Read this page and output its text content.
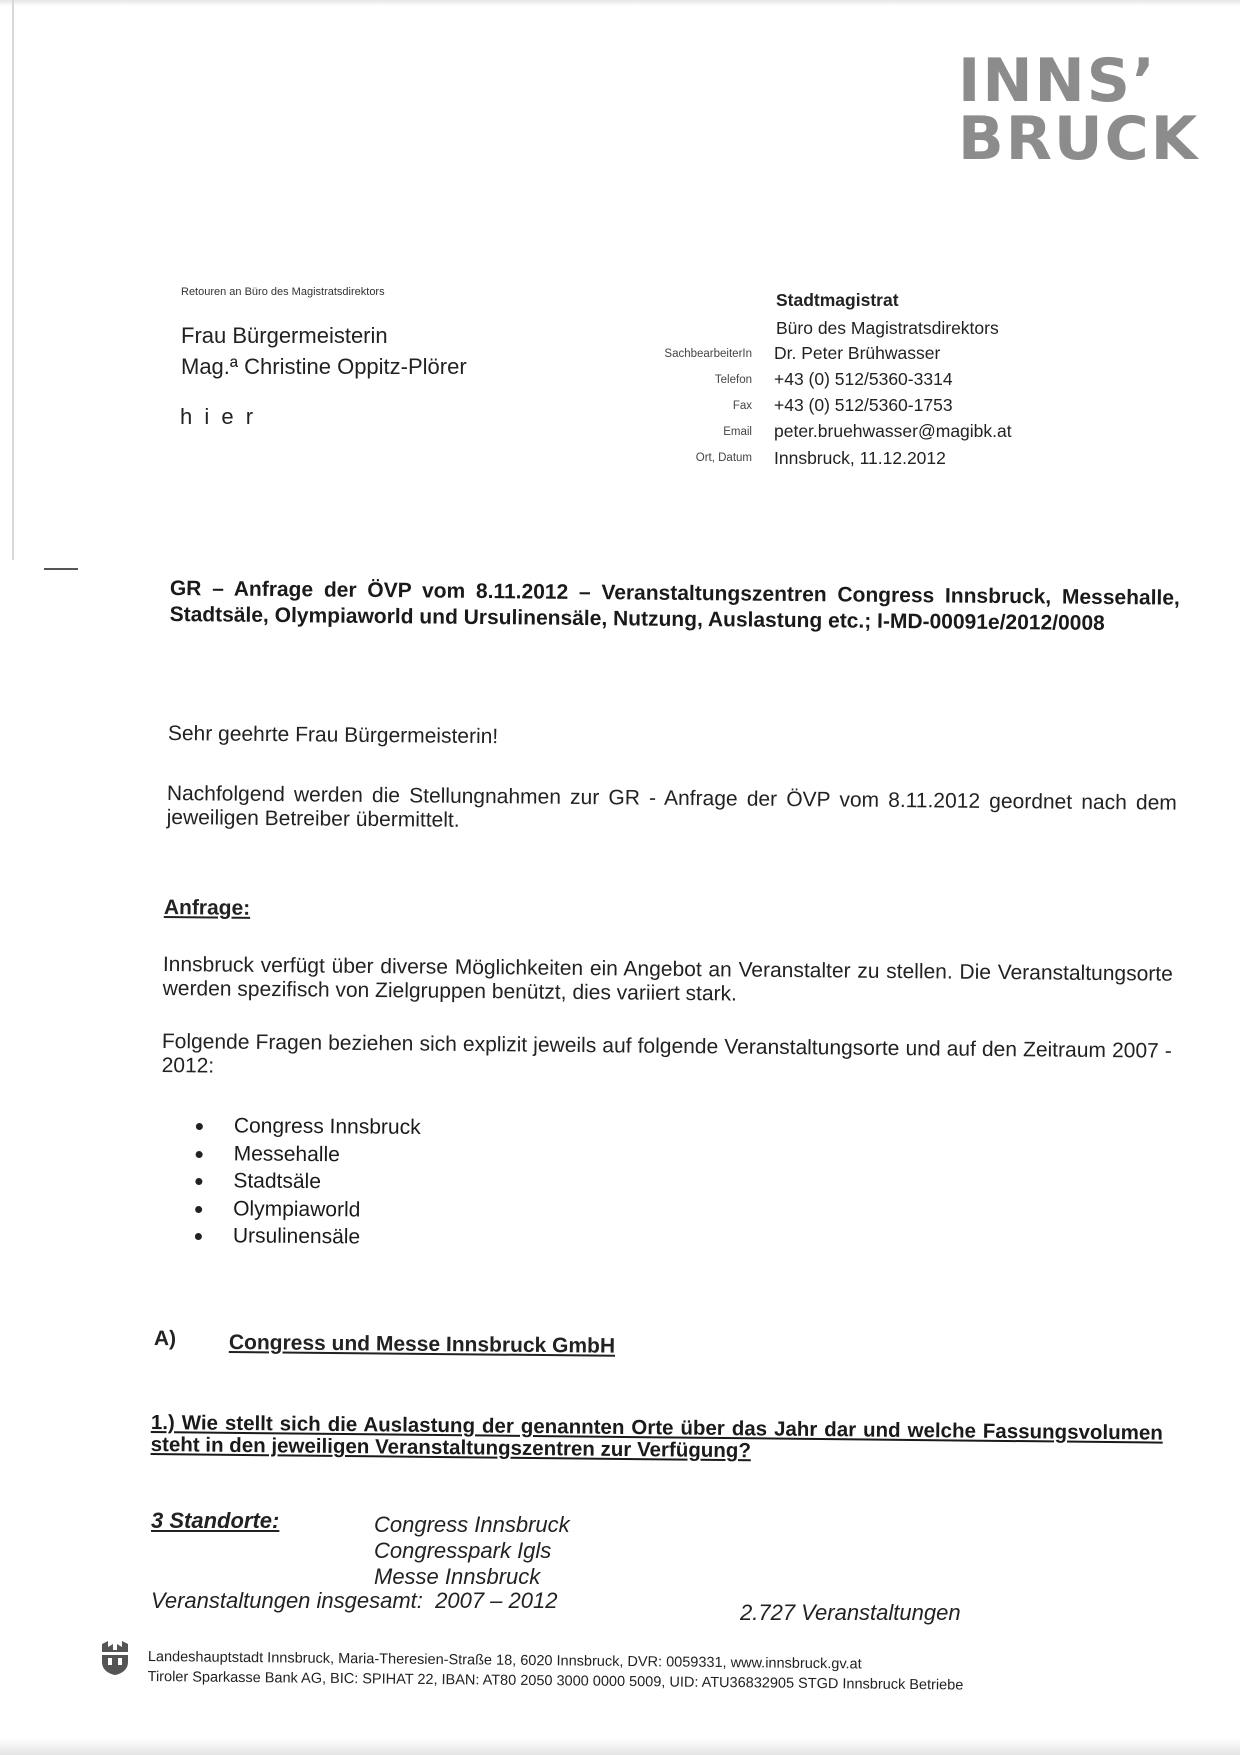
INNS’
BRUCK
Retouren an Büro des Magistratsdirektors
Frau Bürgermeisterin
Mag.ª Christine Oppitz-Plörer
h i e r
Stadtmagistrat
Büro des Magistratsdirektors
SachbearbeiterIn Dr. Peter Brühwasser
Telefon +43 (0) 512/5360-3314
Fax +43 (0) 512/5360-1753
Email peter.bruehwasser@magibk.at
Ort, Datum Innsbruck, 11.12.2012
GR – Anfrage der ÖVP vom 8.11.2012 – Veranstaltungszentren Congress Innsbruck, Messehalle, Stadtsäle, Olympiaworld und Ursulinensäle, Nutzung, Auslastung etc.; I-MD-00091e/2012/0008
Sehr geehrte Frau Bürgermeisterin!
Nachfolgend werden die Stellungnahmen zur GR - Anfrage der ÖVP vom 8.11.2012 geordnet nach dem jeweiligen Betreiber übermittelt.
Anfrage:
Innsbruck verfügt über diverse Möglichkeiten ein Angebot an Veranstalter zu stellen. Die Veranstaltungsorte werden spezifisch von Zielgruppen benützt, dies variiert stark.
Folgende Fragen beziehen sich explizit jeweils auf folgende Veranstaltungsorte und auf den Zeitraum 2007 - 2012:
Congress Innsbruck
Messehalle
Stadtsäle
Olympiaworld
Ursulinensäle
A)	Congress und Messe Innsbruck GmbH
1.) Wie stellt sich die Auslastung der genannten Orte über das Jahr dar und welche Fassungsvolumen steht in den jeweiligen Veranstaltungszentren zur Verfügung?
3 Standorte:	Congress Innsbruck
Congresspark Igls
Messe Innsbruck
Veranstaltungen insgesamt:  2007 – 2012	2.727 Veranstaltungen
Landeshauptstadt Innsbruck, Maria-Theresien-Straße 18, 6020 Innsbruck, DVR: 0059331, www.innsbruck.gv.at
Tiroler Sparkasse Bank AG, BIC: SPIHAT 22, IBAN: AT80 2050 3000 0000 5009, UID: ATU36832905 STGD Innsbruck Betriebe
